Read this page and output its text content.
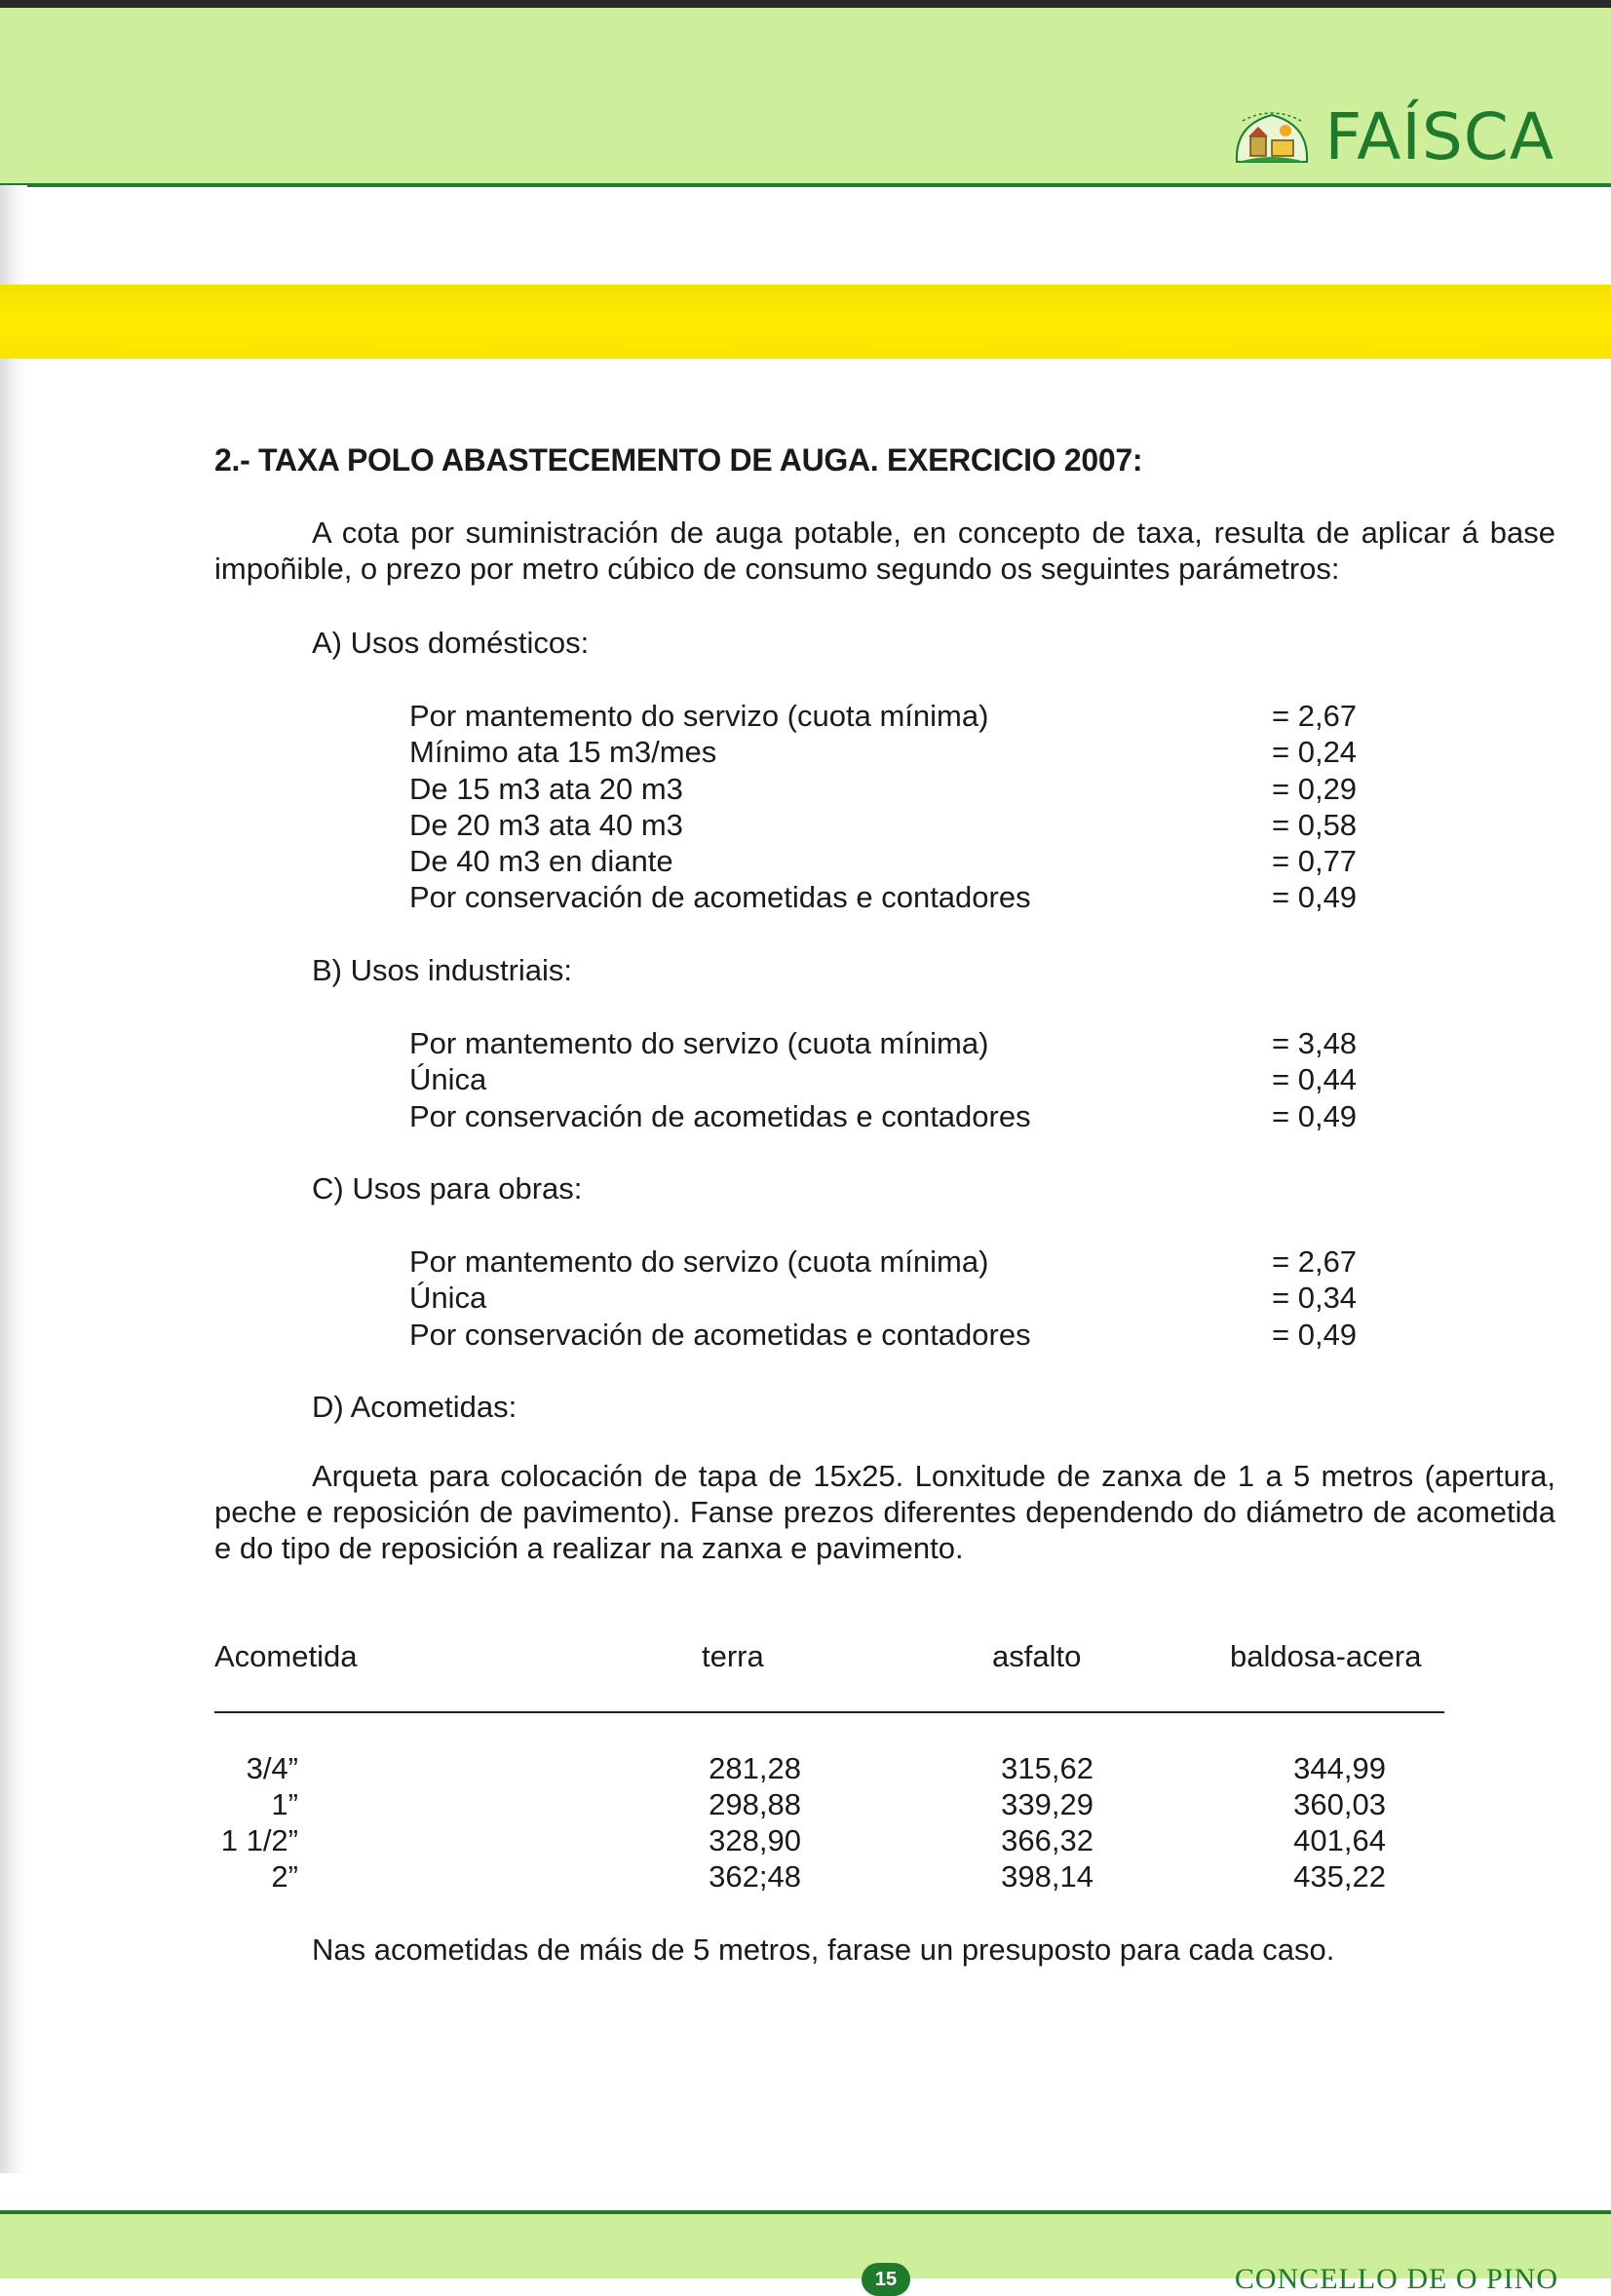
FAÍSCA
2.- TAXA POLO ABASTECEMENTO DE AUGA. EXERCICIO 2007:

A cota por suministración de auga potable, en concepto de taxa, resulta de aplicar á base impoñible, o prezo por metro cúbico de consumo segundo os seguintes parámetros:

A) Usos domésticos:
Por mantemento do servizo (cuota mínima)	= 2,67
Mínimo ata 15 m3/mes	= 0,24
De 15 m3 ata 20 m3	= 0,29
De 20 m3 ata 40 m3	= 0,58
De 40 m3 en diante	= 0,77
Por conservación de acometidas e contadores	= 0,49
B) Usos industriais:
Por mantemento do servizo (cuota mínima)	= 3,48
Única	= 0,44
Por conservación de acometidas e contadores	= 0,49
C) Usos para obras:
Por mantemento do servizo (cuota mínima)	= 2,67
Única	= 0,34
Por conservación de acometidas e contadores	= 0,49
D) Acometidas:

Arqueta para colocación de tapa de 15x25. Lonxitude de zanxa de 1 a 5 metros (apertura, peche e reposición de pavimento). Fanse prezos diferentes dependendo do diámetro de acometida e do tipo de reposición a realizar na zanxa e pavimento.

Acometida	terra	asfalto	baldosa-acera
3/4”	281,28	315,62	344,99
1”	298,88	339,29	360,03
1 1/2”	328,90	366,32	401,64
2”	362;48	398,14	435,22
Nas acometidas de máis de 5 metros, farase un presuposto para cada caso.
15	CONCELLO DE O PINO
